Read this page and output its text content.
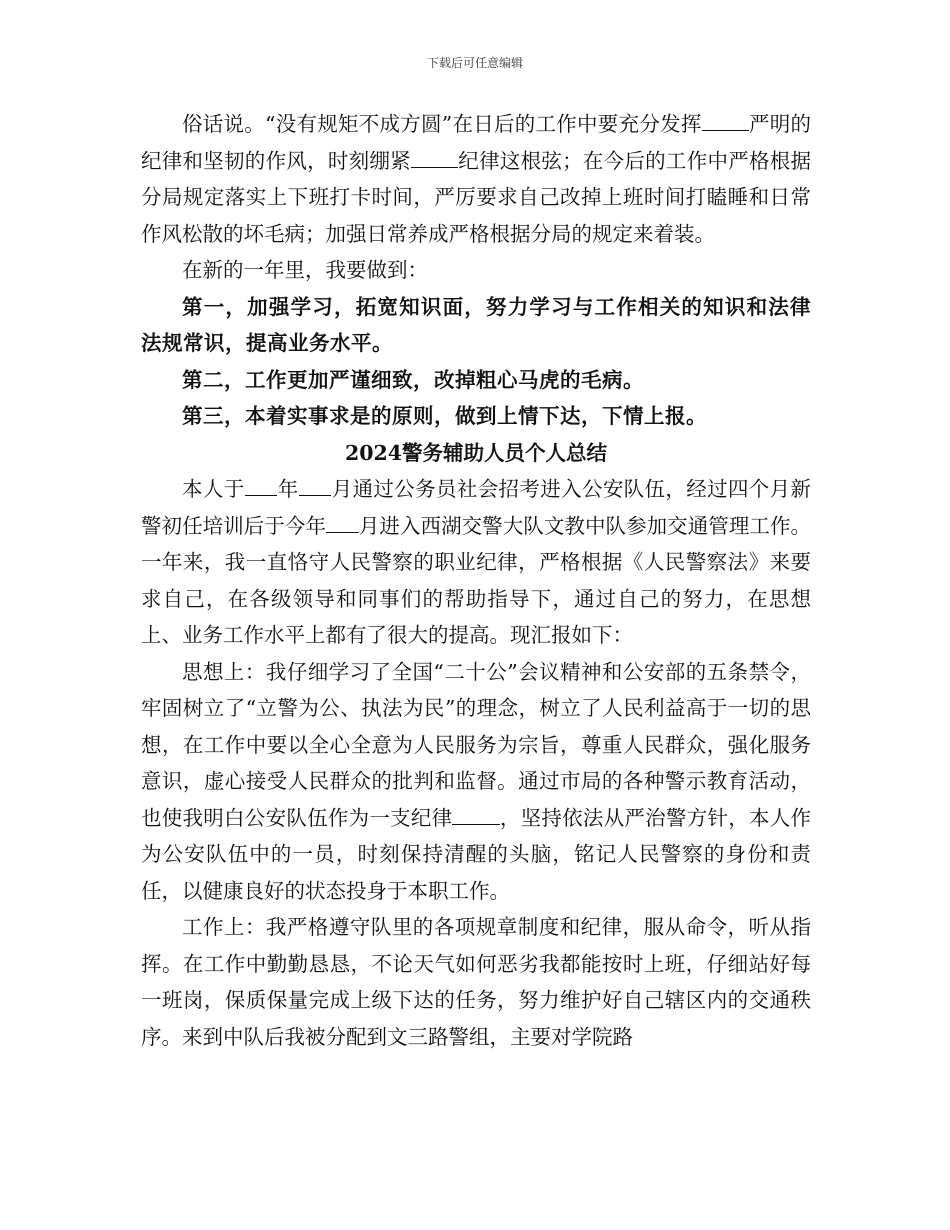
下载后可任意编辑

俗话说。“没有规矩不成方圆”在日后的工作中要充分发挥 严明的纪律和坚韧的作风，时刻绷紧 纪律这根弦；在今后的工作中严格根据分局规定落实上下班打卡时间，严厉要求自己改掉上班时间打瞌睡和日常作风松散的坏毛病；加强日常养成严格根据分局的规定来着装。

在新的一年里，我要做到：

第一，加强学习，拓宽知识面，努力学习与工作相关的知识和法律法规常识，提高业务水平。

第二，工作更加严谨细致，改掉粗心马虎的毛病。

第三，本着实事求是的原则，做到上情下达，下情上报。

2024警务辅助人员个人总结

本人于 年 月通过公务员社会招考进入公安队伍，经过四个月新警初任培训后于今年 月进入西湖交警大队文教中队参加交通管理工作。一年来，我一直恪守人民警察的职业纪律，严格根据《人民警察法》来要求自己，在各级领导和同事们的帮助指导下，通过自己的努力，在思想上、业务工作水平上都有了很大的提高。现汇报如下：

思想上：我仔细学习了全国“二十公”会议精神和公安部的五条禁令，牢固树立了“立警为公、执法为民”的理念，树立了人民利益高于一切的思想，在工作中要以全心全意为人民服务为宗旨，尊重人民群众，强化服务意识，虚心接受人民群众的批判和监督。通过市局的各种警示教育活动，也使我明白公安队伍作为一支纪律 ，坚持依法从严治警方针，本人作为公安队伍中的一员，时刻保持清醒的头脑，铭记人民警察的身份和责任，以健康良好的状态投身于本职工作。

工作上：我严格遵守队里的各项规章制度和纪律，服从命令，听从指挥。在工作中勤勤恳恳，不论天气如何恶劣我都能按时上班，仔细站好每一班岗，保质保量完成上级下达的任务，努力维护好自己辖区内的交通秩序。来到中队后我被分配到文三路警组，主要对学院路
